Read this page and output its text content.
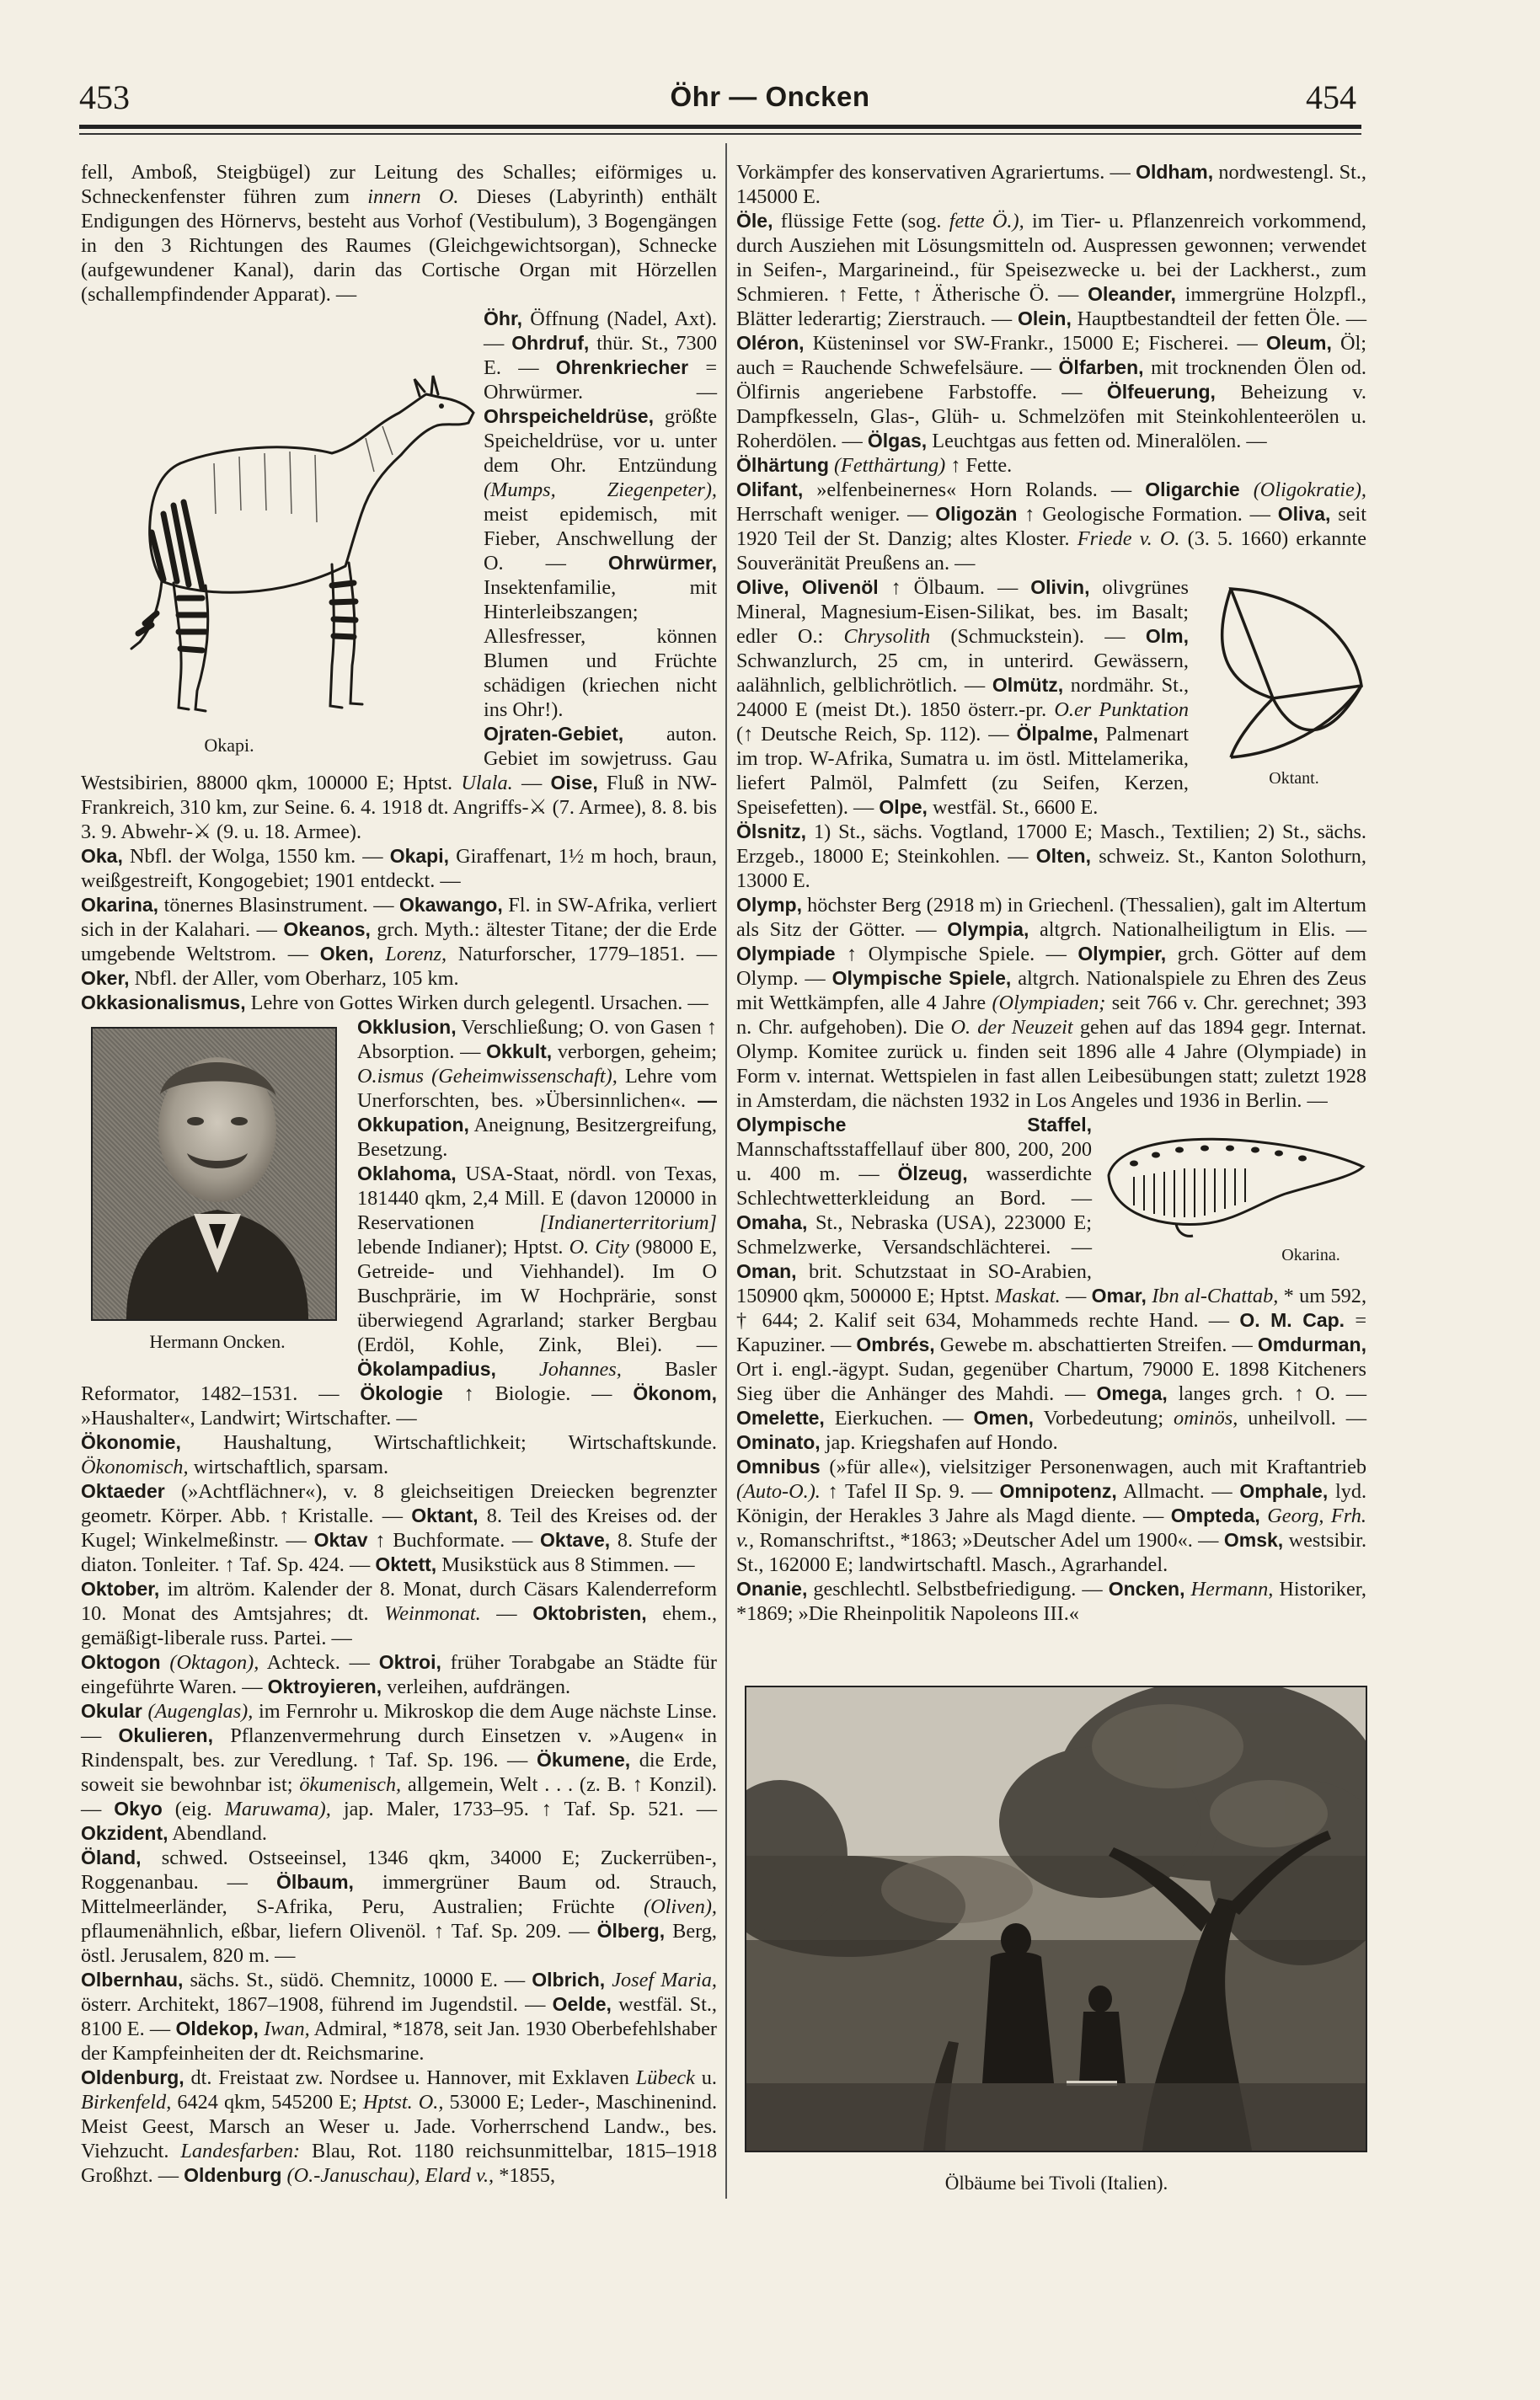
453	Öhr — Oncken	454

fell, Amboß, Steigbügel) zur Leitung des Schalles; eiförmiges u. Schneckenfenster führen zum innern O. Dieses (Labyrinth) enthält Endigungen des Hörnervs, besteht aus Vorhof (Vestibulum), 3 Bogengängen in den 3 Richtungen des Raumes (Gleichgewichtsorgan), Schnecke (aufgewundener Kanal), darin das Cortische Organ mit Hörzellen (schallempfindender Apparat). —

Okapi.

Öhr, Öffnung (Nadel, Axt). — Ohrdruf, thür. St., 7300 E. — Ohrenkriecher = Ohrwürmer. — Ohrspeicheldrüse, größte Speicheldrüse, vor u. unter dem Ohr. Entzündung (Mumps, Ziegenpeter), meist epidemisch, mit Fieber, Anschwellung der O. — Ohrwürmer, Insektenfamilie, mit Hinterleibszangen; Allesfresser, können Blumen und Früchte schädigen (kriechen nicht ins Ohr!).

Ojraten-Gebiet, auton. Gebiet im sowjetruss. Gau Westsibirien, 88000 qkm, 100000 E; Hptst. Ulala. — Oise, Fluß in NW-Frankreich, 310 km, zur Seine. 6. 4. 1918 dt. Angriffs-⚔ (7. Armee), 8. 8. bis 3. 9. Abwehr-⚔ (9. u. 18. Armee).

Oka, Nbfl. der Wolga, 1550 km. — Okapi, Giraffenart, 1½ m hoch, braun, weißgestreift, Kongogebiet; 1901 entdeckt. —

Okarina, tönernes Blasinstrument. — Okawango, Fl. in SW-Afrika, verliert sich in der Kalahari. — Okeanos, grch. Myth.: ältester Titane; der die Erde umgebende Weltstrom. — Oken, Lorenz, Naturforscher, 1779–1851. — Oker, Nbfl. der Aller, vom Oberharz, 105 km.

Okkasionalismus, Lehre von Gottes Wirken durch gelegentl. Ursachen. —

Hermann Oncken.

Okklusion, Verschließung; O. von Gasen ↑ Absorption. — Okkult, verborgen, geheim; O.ismus (Geheimwissenschaft), Lehre vom Unerforschten, bes. »Übersinnlichen«. —Okkupation, Aneignung, Besitzergreifung, Besetzung.

Oklahoma, USA-Staat, nördl. von Texas, 181440 qkm, 2,4 Mill. E (davon 120000 in Reservationen	[Indianerterritorium] lebende Indianer); Hptst. O. City (98000 E, Getreide- und Viehhandel). Im O Buschprärie, im W Hochprärie, sonst überwiegend Agrarland; starker Bergbau (Erdöl, Kohle, Zink, Blei). — Ökolampadius, Johannes, Basler Reformator, 1482–1531. — Ökologie ↑ Biologie. — Ökonom, »Haushalter«, Landwirt; Wirtschafter. —

Ökonomie, Haushaltung, Wirtschaftlichkeit; Wirtschaftskunde. Ökonomisch, wirtschaftlich, sparsam.

Oktaeder (»Achtflächner«), v. 8 gleichseitigen Dreiecken begrenzter geometr. Körper. Abb. ↑ Kristalle. — Oktant, 8. Teil des Kreises od. der Kugel; Winkelmeßinstr. — Oktav ↑ Buchformate. — Oktave, 8. Stufe der diaton. Tonleiter. ↑ Taf. Sp. 424. — Oktett, Musikstück aus 8 Stimmen. —

Oktober, im altröm. Kalender der 8. Monat, durch Cäsars Kalenderreform 10. Monat des Amtsjahres; dt. Weinmonat. — Oktobristen, ehem., gemäßigt-liberale russ. Partei. —

Oktogon (Oktagon), Achteck. — Oktroi, früher Torabgabe an Städte für eingeführte Waren. — Oktroyieren, verleihen, aufdrängen.

Okular (Augenglas), im Fernrohr u. Mikroskop die dem Auge nächste Linse. — Okulieren, Pflanzenvermehrung durch Einsetzen v. »Augen« in Rindenspalt, bes. zur Veredlung. ↑ Taf. Sp. 196. — Ökumene, die Erde, soweit sie bewohnbar ist; ökumenisch, allgemein, Welt . . . (z. B. ↑ Konzil). — Okyo (eig. Maruwama), jap. Maler, 1733–95. ↑ Taf. Sp. 521. — Okzident, Abendland.

Öland, schwed. Ostseeinsel, 1346 qkm, 34000 E; Zuckerrüben-, Roggenanbau. — Ölbaum, immergrüner Baum od. Strauch, Mittelmeerländer, S-Afrika, Peru, Australien; Früchte (Oliven), pflaumenähnlich, eßbar, liefern Olivenöl. ↑ Taf. Sp. 209. — Ölberg, Berg, östl. Jerusalem, 820 m. —

Olbernhau, sächs. St., südö. Chemnitz, 10000 E. — Olbrich, Josef Maria, österr. Architekt, 1867–1908, führend im Jugendstil. — Oelde, westfäl. St., 8100 E. — Oldekop, Iwan, Admiral, *1878, seit Jan. 1930 Oberbefehlshaber der Kampfeinheiten der dt. Reichsmarine.

Oldenburg, dt. Freistaat zw. Nordsee u. Hannover, mit Exklaven Lübeck u. Birkenfeld, 6424 qkm, 545200 E; Hptst. O., 53000 E; Leder-, Maschinenind. Meist Geest, Marsch an Weser u. Jade. Vorherrschend Landw., bes. Viehzucht. Landesfarben: Blau, Rot. 1180 reichsunmittelbar, 1815–1918 Großhzt. — Oldenburg (O.-Januschau), Elard v., *1855,

Vorkämpfer des konservativen Agrariertums. — Oldham, nordwestengl. St., 145000 E.

Öle, flüssige Fette (sog. fette Ö.), im Tier- u. Pflanzenreich vorkommend, durch Ausziehen mit Lösungsmitteln od. Auspressen gewonnen; verwendet in Seifen-, Margarineind., für Speisezwecke u. bei der Lackherst., zum Schmieren. ↑ Fette, ↑ Ätherische Ö. — Oleander, immergrüne Holzpfl., Blätter lederartig; Zierstrauch. — Olein, Hauptbestandteil der fetten Öle. — Oléron, Küsteninsel vor SW-Frankr., 15000 E; Fischerei. — Oleum, Öl; auch = Rauchende Schwefelsäure. — Ölfarben, mit trocknenden Ölen od. Ölfirnis angeriebene Farbstoffe. — Ölfeuerung, Beheizung v. Dampfkesseln, Glas-, Glüh- u. Schmelzöfen mit Steinkohlenteerölen u. Roherdölen. — Ölgas, Leuchtgas aus fetten od. Mineralölen. —

Ölhärtung (Fetthärtung) ↑ Fette.

Olifant, »elfenbeinernes« Horn Rolands. — Oligarchie (Oligokratie), Herrschaft weniger. — Oligozän ↑ Geologische Formation. — Oliva, seit 1920 Teil der St. Danzig; altes Kloster. Friede v. O. (3. 5. 1660) erkannte Souveränität Preußens an. —

Oktant.

Olive, Olivenöl ↑ Ölbaum. — Olivin, olivgrünes Mineral, Magnesium-Eisen-Silikat, bes. im Basalt; edler O.: Chrysolith (Schmuckstein). — Olm, Schwanzlurch, 25 cm, in unterird. Gewässern, aalähnlich, gelblichrötlich. — Olmütz, nordmähr. St., 24000 E (meist Dt.). 1850 österr.-pr. O.er Punktation (↑ Deutsche Reich, Sp. 112). — Ölpalme, Palmenart im trop. W-Afrika, Sumatra u. im östl. Mittelamerika, liefert Palmöl, Palmfett (zu Seifen, Kerzen, Speisefetten). — Olpe, westfäl. St., 6600 E.

Ölsnitz, 1) St., sächs. Vogtland, 17000 E; Masch., Textilien; 2) St., sächs. Erzgeb., 18000 E; Steinkohlen. — Olten, schweiz. St., Kanton Solothurn, 13000 E.

Olymp, höchster Berg (2918 m) in Griechenl. (Thessalien), galt im Altertum als Sitz der Götter. — Olympia, altgrch. Nationalheiligtum in Elis. — Olympiade ↑ Olympische Spiele. — Olympier, grch. Götter auf dem Olymp. — Olympische Spiele, altgrch. Nationalspiele zu Ehren des Zeus mit Wettkämpfen, alle 4 Jahre (Olympiaden; seit 766 v. Chr. gerechnet; 393 n. Chr. aufgehoben). Die O. der Neuzeit gehen auf das 1894 gegr. Internat. Olymp. Komitee zurück u. finden seit 1896 alle 4 Jahre (Olympiade) in Form v. internat. Wettspielen in fast allen Leibesübungen statt; zuletzt 1928 in Amsterdam, die nächsten 1932 in Los Angeles und 1936 in Berlin. —

Okarina.

Olympische Staffel, Mannschaftsstaffellauf über 800, 200, 200 u. 400 m. — Ölzeug, wasserdichte Schlechtwetterkleidung an Bord. — Omaha, St., Nebraska (USA), 223000 E; Schmelzwerke, Versandschlächterei. — Oman, brit. Schutzstaat in SO-Arabien, 150900 qkm, 500000 E; Hptst. Maskat. — Omar, Ibn al-Chattab, * um 592, † 644; 2. Kalif seit 634, Mohammeds rechte Hand. — O. M. Cap. = Kapuziner. — Ombrés, Gewebe m. abschattierten Streifen. — Omdurman, Ort i. engl.-ägypt. Sudan, gegenüber Chartum, 79000 E. 1898 Kitcheners Sieg über die Anhänger des Mahdi. — Omega, langes grch. ↑ O. — Omelette, Eierkuchen. — Omen, Vorbedeutung; ominös, unheilvoll. — Ominato, jap. Kriegshafen auf Hondo.

Omnibus (»für alle«), vielsitziger Personenwagen, auch mit Kraftantrieb (Auto-O.). ↑ Tafel II Sp. 9. — Omnipotenz, Allmacht. — Omphale, lyd. Königin, der Herakles 3 Jahre als Magd diente. — Ompteda, Georg, Frh. v., Romanschriftst., *1863; »Deutscher Adel um 1900«. — Omsk, westsibir. St., 162000 E; landwirtschaftl. Masch., Agrarhandel.

Onanie, geschlechtl. Selbstbefriedigung. — Oncken, Hermann, Historiker, *1869; »Die Rheinpolitik Napoleons III.«

Ölbäume bei Tivoli (Italien).
